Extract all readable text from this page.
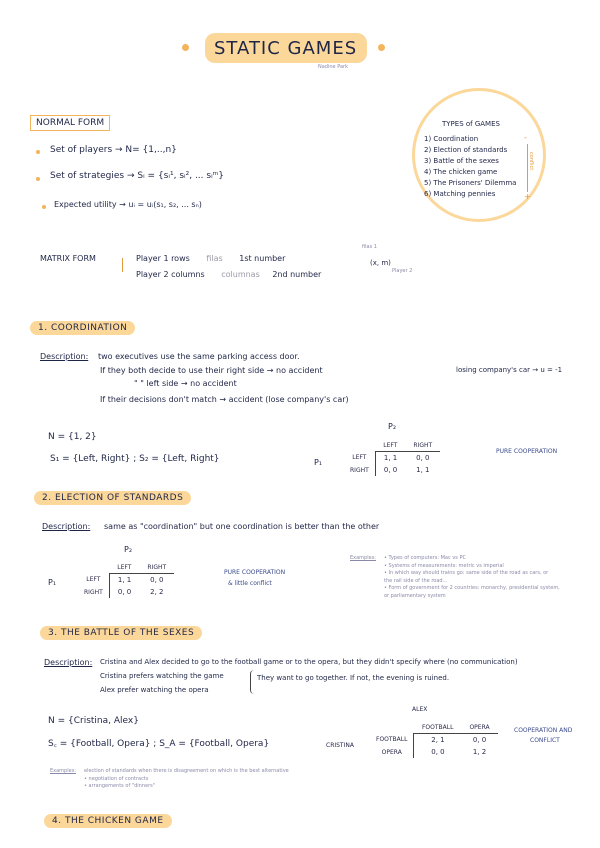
STATIC GAMES
Nadine Park
NORMAL FORM
Set of players → N= {1,..,n}
Set of strategies → Sᵢ = {sᵢ¹, sᵢ², ... sᵢᵐ}
Expected utility → uᵢ = uᵢ(s₁, s₂, ... sₙ)
TYPES of GAMES
1) Coordination
2) Election of standards
3) Battle of the sexes
4) The chicken game
5) The Prisoners' Dilemma
6) Matching pennies
-
conflict
+
MATRIX FORM	Player 1 rows filas 1st number
Player 2 columns columnas 2nd number
filas 1
(x, m)
Player 2
1. COORDINATION
Description: two executives use the same parking access door.
If they both decide to use their right side → no accident
" " left side → no accident
If their decisions don't match → accident (lose company's car)
losing company's car → u = -1
N = {1, 2}
S₁ = {Left, Right} ; S₂ = {Left, Right}
P₂
P₁
	LEFT	RIGHT
LEFT	1, 1	0, 0
RIGHT	0, 0	1, 1
PURE COOPERATION
2. ELECTION OF STANDARDS
Description: same as "coordination" but one coordination is better than the other
P₂
P₁
	LEFT	RIGHT
LEFT	1, 1	0, 0
RIGHT	0, 0	2, 2
PURE COOPERATION
& little conflict
Examples: • Types of computers: Mac vs PC
• Systems of measurements: metric vs imperial
• In which way should trains go: same side of the road as cars, or
the rail side of the road...
• Form of government for 2 countries: monarchy, presidential system,
or parliamentary system
3. THE BATTLE OF THE SEXES
Description: Cristina and Alex decided to go to the football game or to the opera, but they didn't specify where (no communication)
Cristina prefers watching the game
Alex prefer watching the opera
They want to go together. If not, the evening is ruined.
N = {Cristina, Alex}
S꜀ = {Football, Opera} ; S_A = {Football, Opera}
ALEX
CRISTINA
	FOOTBALL	OPERA
FOOTBALL	2, 1	0, 0
OPERA	0, 0	1, 2
COOPERATION AND
CONFLICT
Examples: election of standards when there is disagreement on which is the best alternative
• negotiation of contracts
• arrangements of "dinners"
4. THE CHICKEN GAME
